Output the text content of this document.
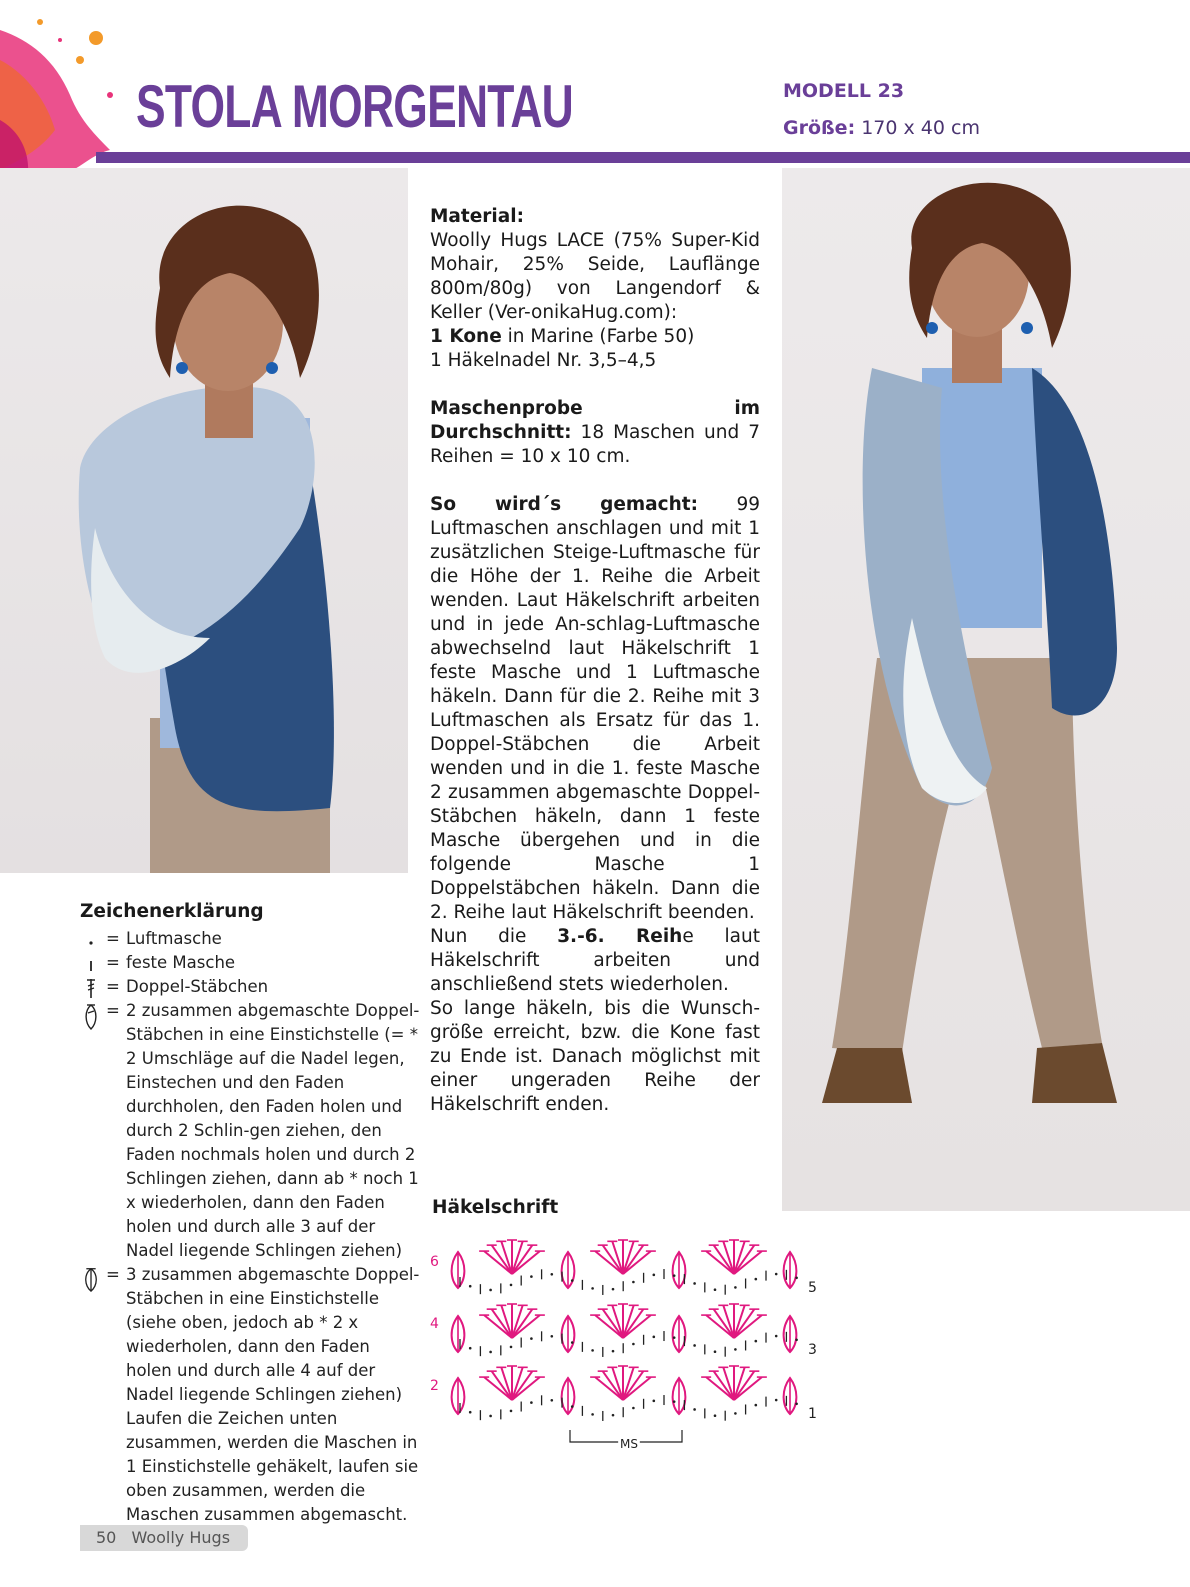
STOLA MORGENTAU	MODELL 23
Größe: 170 x 40 cm

Material:
Woolly Hugs LACE (75% Super-Kid Mohair, 25% Seide, Lauflänge 800m/80g) von Langendorf & Keller (Ver-onikaHug.com):
1 Kone in Marine (Farbe 50)
1 Häkelnadel Nr. 3,5–4,5

Maschenprobe im Durchschnitt: 18 Maschen und 7 Reihen = 10 x 10 cm.

So wird´s gemacht: 99 Luftmaschen anschlagen und mit 1 zusätzlichen Steige-Luftmasche für die Höhe der 1. Reihe die Arbeit wenden. Laut Häkelschrift arbeiten und in jede An-schlag-Luftmasche abwechselnd laut Häkelschrift 1 feste Masche und 1 Luftmasche häkeln. Dann für die 2. Reihe mit 3 Luftmaschen als Ersatz für das 1. Doppel-Stäbchen die Arbeit wenden und in die 1. feste Masche 2 zusammen abgemaschte Doppel-Stäbchen häkeln, dann 1 feste Masche übergehen und in die folgende Masche 1 Doppelstäbchen häkeln. Dann die 2. Reihe laut Häkelschrift beenden.

Nun die 3.-6. Reihe laut Häkelschrift arbeiten und anschließend stets wiederholen.

So lange häkeln, bis die Wunsch-größe erreicht, bzw. die Kone fast zu Ende ist. Danach möglichst mit einer ungeraden Reihe der Häkelschrift enden.

Zeichenerklärung

= Luftmasche
= feste Masche
= Doppel-Stäbchen
= 2 zusammen abgemaschte Doppel-Stäbchen in eine Einstichstelle (= * 2 Umschläge auf die Nadel legen, Einstechen und den Faden durchholen, den Faden holen und durch 2 Schlin-gen ziehen, den Faden nochmals holen und durch 2 Schlingen ziehen, dann ab * noch 1 x wiederholen, dann den Faden holen und durch alle 3 auf der Nadel liegende Schlingen ziehen)
= 3 zusammen abgemaschte Doppel-Stäbchen in eine Einstichstelle (siehe oben, jedoch ab * 2 x wiederholen, dann den Faden holen und durch alle 4 auf der Nadel liegende Schlingen ziehen)
Laufen die Zeichen unten zusammen, werden die Maschen in 1 Einstichstelle gehäkelt, laufen sie oben zusammen, werden die Maschen zusammen abgemascht.

Häkelschrift

6
4
2
5
3
1
MS
50 Woolly Hugs
